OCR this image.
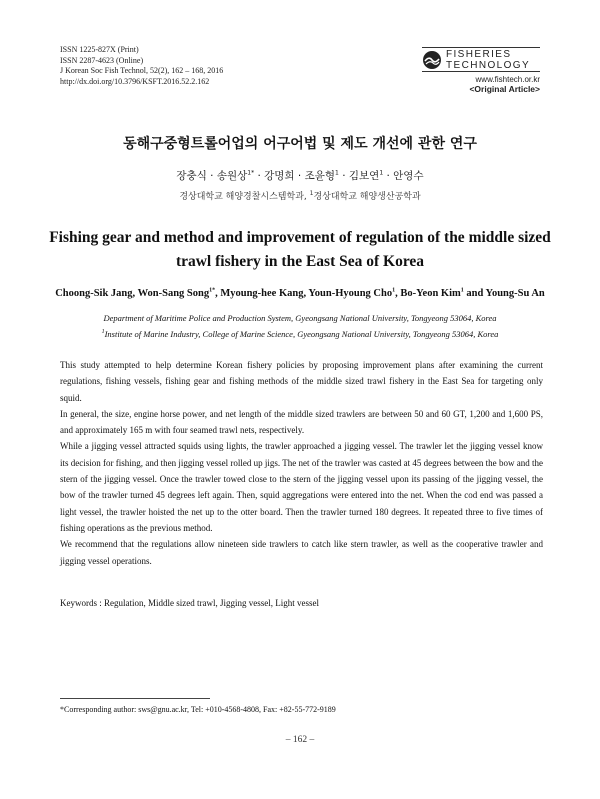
ISSN 1225-827X (Print)
ISSN 2287-4623 (Online)
J Korean Soc Fish Technol, 52(2), 162 – 168, 2016
http://dx.doi.org/10.3796/KSFT.2016.52.2.162
FISHERIES
TECHNOLOGY
www.fishtech.or.kr
<Original Article>
동해구중형트롤어업의 어구어법 및 제도 개선에 관한 연구
장충식 · 송원상$^{1*}$ · 강명희 · 조윤형$^1$ · 김보연$^1$ · 안영수
경상대학교 해양경찰시스템학과, $^1$경상대학교 해양생산공학과
Fishing gear and method and improvement of regulation of the middle sized
trawl fishery in the East Sea of Korea
Choong-Sik Jang, Won-Sang Song$^{1*}$, Myoung-hee Kang, Youn-Hyoung Cho$^1$, Bo-Yeon Kim$^1$ and Young-Su An
Department of Maritime Police and Production System, Gyeongsang National University, Tongyeong 53064, Korea
$^1$Institute of Marine Industry, College of Marine Science, Gyeongsang National University, Tongyeong 53064, Korea

This study attempted to help determine Korean fishery policies by proposing improvement plans after examining the current regulations, fishing vessels, fishing gear and fishing methods of the middle sized trawl fishery in the East Sea for targeting only squid.

In general, the size, engine horse power, and net length of the middle sized trawlers are between 50 and 60 GT, 1,200 and 1,600 PS, and approximately 165 m with four seamed trawl nets, respectively.

While a jigging vessel attracted squids using lights, the trawler approached a jigging vessel. The trawler let the jigging vessel know its decision for fishing, and then jigging vessel rolled up jigs. The net of the trawler was casted at 45 degrees between the bow and the stern of the jigging vessel. Once the trawler towed close to the stern of the jigging vessel upon its passing of the jigging vessel, the bow of the trawler turned 45 degrees left again. Then, squid aggregations were entered into the net. When the cod end was passed a light vessel, the trawler hoisted the net up to the otter board. Then the trawler turned 180 degrees. It repeated three to five times of fishing operations as the previous method.

We recommend that the regulations allow nineteen side trawlers to catch like stern trawler, as well as the cooperative trawler and jigging vessel operations.

Keywords : Regulation, Middle sized trawl, Jigging vessel, Light vessel
*Corresponding author: sws@gnu.ac.kr, Tel: +010-4568-4808, Fax: +82-55-772-9189
– 162 –
